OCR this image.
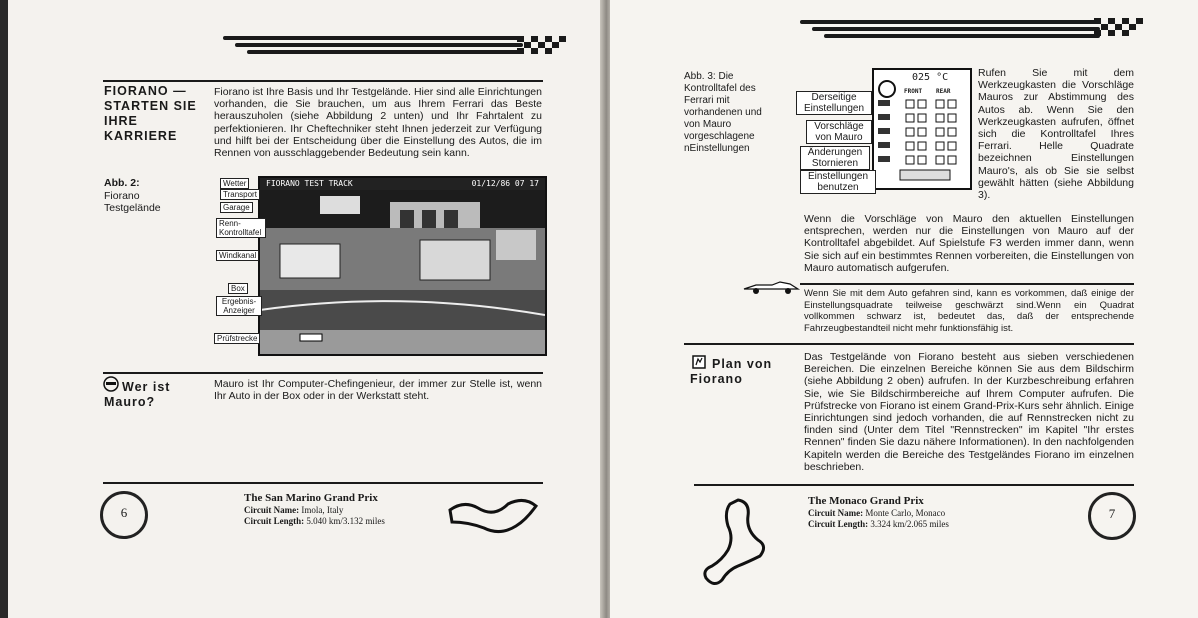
FIORANO — STARTEN SIE IHRE KARRIERE
Fiorano ist Ihre Basis und Ihr Testgelände. Hier sind alle Einrichtungen vorhanden, die Sie brauchen, um aus Ihrem Ferrari das Beste herauszuholen (siehe Abbildung 2 unten) und Ihr Fahrtalent zu perfektionieren. Ihr Cheftechniker steht Ihnen jederzeit zur Verfügung und hilft bei der Entscheidung über die Einstellung des Autos, die im Rennen von ausschlaggebender Bedeutung sein kann.
Abb. 2:
Fiorano Testgelände
FIORANO TEST TRACK	01/12/86 07 17
Wetter
Transport
Garage
Renn-Kontrolltafel
Windkanal
Box
Ergebnis-Anzeiger
Prüfstrecke
Wer ist Mauro?
Mauro ist Ihr Computer-Chefingenieur, der immer zur Stelle ist, wenn Ihr Auto in der Box oder in der Werkstatt steht.
6
The San Marino Grand Prix
Circuit Name: Imola, Italy
Circuit Length: 5.040 km/3.132 miles
Abb. 3: Die Kontrolltafel des Ferrari mit vorhandenen und von Mauro vorgeschlagene nEinstellungen
025 °C
FRONT REAR
Derseitige Einstellungen
Vorschläge von Mauro
Änderungen Stornieren
Einstellungen benutzen
Rufen Sie mit dem Werkzeugkasten die Vorschläge Mauros zur Abstimmung des Autos ab. Wenn Sie den Werkzeugkasten aufrufen, öffnet sich die Kontrolltafel Ihres Ferrari. Helle Quadrate bezeichnen Einstellungen Mauro's, als ob Sie sie selbst gewählt hätten (siehe Abbildung 3).
Wenn die Vorschläge von Mauro den aktuellen Einstellungen entsprechen, werden nur die Einstellungen von Mauro auf der Kontrolltafel abgebildet. Auf Spielstufe F3 werden immer dann, wenn Sie sich auf ein bestimmtes Rennen vorbereiten, die Einstellungen von Mauro automatisch aufgerufen.
Wenn Sie mit dem Auto gefahren sind, kann es vorkommen, daß einige der Einstellungsquadrate teilweise geschwärzt sind.Wenn ein Quadrat vollkommen schwarz ist, bedeutet das, daß der entsprechende Fahrzeugbestandteil nicht mehr funktionsfähig ist.
Plan von Fiorano
Das Testgelände von Fiorano besteht aus sieben verschiedenen Bereichen. Die einzelnen Bereiche können Sie aus dem Bildschirm (siehe Abbildung 2 oben) aufrufen. In der Kurzbeschreibung erfahren Sie, wie Sie Bildschirmbereiche auf Ihrem Computer aufrufen. Die Prüfstrecke von Fiorano ist einem Grand-Prix-Kurs sehr ähnlich. Einige Einrichtungen sind jedoch vorhanden, die auf Rennstrecken nicht zu finden sind (Unter dem Titel "Rennstrecken" im Kapitel "Ihr erstes Rennen" finden Sie dazu nähere Informationen). In den nachfolgenden Kapiteln werden die Bereiche des Testgeländes Fiorano im einzelnen beschrieben.
The Monaco Grand Prix
Circuit Name: Monte Carlo, Monaco
Circuit Length: 3.324 km/2.065 miles
7
